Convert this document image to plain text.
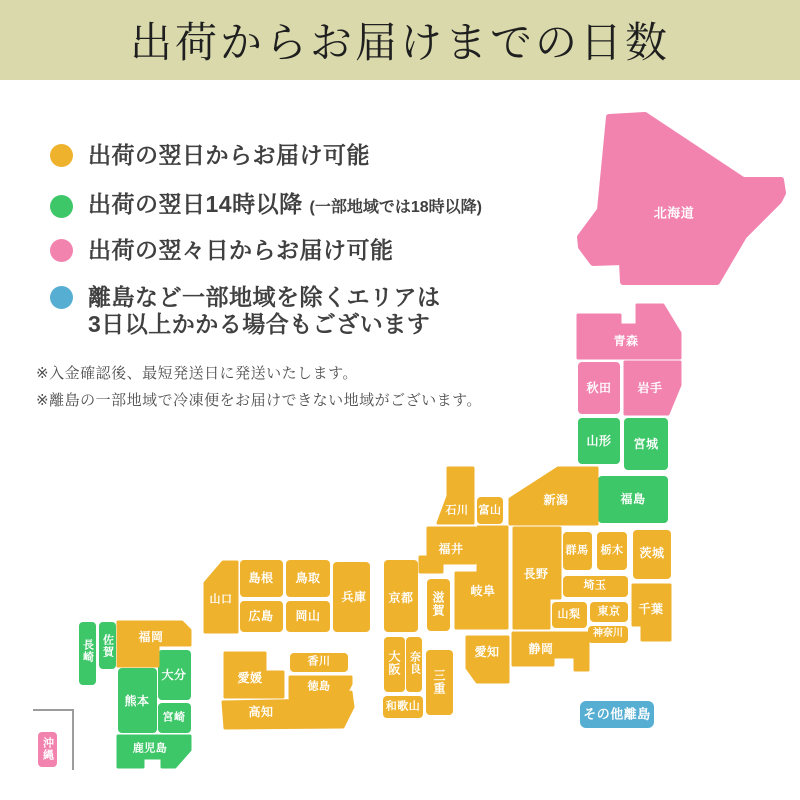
出荷からお届けまでの日数
出荷の翌日からお届け可能
出荷の翌日14時以降 (一部地域では18時以降)
出荷の翌々日からお届け可能
離島など一部地域を除くエリアは
3日以上かかる場合もございます
※入金確認後、最短発送日に発送いたします。
※離島の一部地域で冷凍便をお届けできない地域がございます。
北海道
青森
秋田 岩手
山形 宮城
福島
新潟
富山
石川
福井	群馬 栃木 茨城
埼玉
東京
神奈川
千葉
長野
山梨
岐阜
静岡
愛知
滋賀
三重
京都
大阪 奈良
和歌山
兵庫
鳥取
島根
岡山
広島
山口
愛媛
香川
徳島
高知
福岡
佐賀
長崎
大分
熊本
宮崎
鹿児島
沖縄
その他離島
